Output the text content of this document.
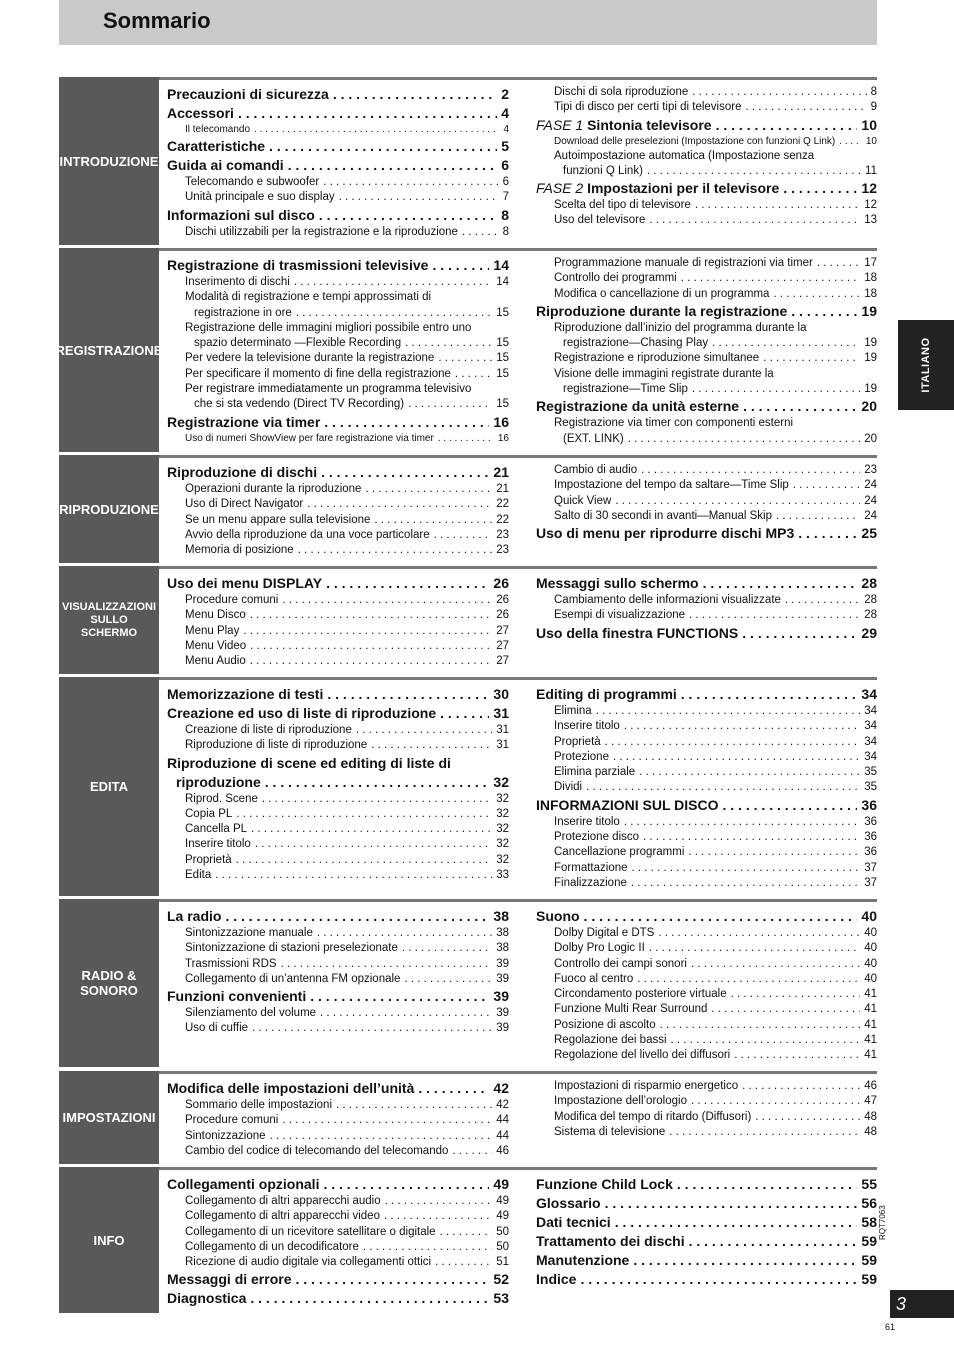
Sommario
ITALIANO
RQT7063
3
61
INTRODUZIONE
Precauzioni di sicurezza . . .	2
Accessori . . .	4
Il telecomando . . .	4
Caratteristiche . . .	5
Guida ai comandi . . .	6
Telecomando e subwoofer . . .	6
Unità principale e suo display . . .	7
Informazioni sul disco . . .	8
Dischi utilizzabili per la registrazione e la riproduzione . . .	8
Dischi di sola riproduzione . . .	8
Tipi di disco per certi tipi di televisore . . .	9
FASE 1 Sintonia televisore . . .	10
Download delle preselezioni (Impostazione con funzioni Q Link) . . .	10
Autoimpostazione automatica (Impostazione senza
funzioni Q Link) . . .	11
FASE 2 Impostazioni per il televisore . . .	12
Scelta del tipo di televisore . . .	12
Uso del televisore . . .	13
REGISTRAZIONE
Registrazione di trasmissioni televisive . . .	14
Inserimento di dischi . . .	14
Modalità di registrazione e tempi approssimati di
registrazione in ore . . .	15
Registrazione delle immagini migliori possibile entro uno
spazio determinato —Flexible Recording . . .	15
Per vedere la televisione durante la registrazione . . .	15
Per specificare il momento di fine della registrazione . . .	15
Per registrare immediatamente un programma televisivo
che si sta vedendo (Direct TV Recording) . . .	15
Registrazione via timer . . .	16
Uso di numeri ShowView per fare registrazione via timer . . .	16
Programmazione manuale di registrazioni via timer . . .	17
Controllo dei programmi . . .	18
Modifica o cancellazione di un programma . . .	18
Riproduzione durante la registrazione . . .	19
Riproduzione dall’inizio del programma durante la
registrazione—Chasing Play . . .	19
Registrazione e riproduzione simultanee . . .	19
Visione delle immagini registrate durante la
registrazione—Time Slip . . .	19
Registrazione da unità esterne . . .	20
Registrazione via timer con componenti esterni
(EXT. LINK) . . .	20
RIPRODUZIONE
Riproduzione di dischi . . .	21
Operazioni durante la riproduzione . . .	21
Uso di Direct Navigator . . .	22
Se un menu appare sulla televisione . . .	22
Avvio della riproduzione da una voce particolare . . .	23
Memoria di posizione . . .	23
Cambio di audio . . .	23
Impostazione del tempo da saltare—Time Slip . . .	24
Quick View . . .	24
Salto di 30 secondi in avanti—Manual Skip . . .	24
Uso di menu per riprodurre dischi MP3 . . .	25
VISUALIZZAZIONI SULLO SCHERMO
Uso dei menu DISPLAY . . .	26
Procedure comuni . . .	26
Menu Disco . . .	26
Menu Play . . .	27
Menu Video . . .	27
Menu Audio . . .	27
Messaggi sullo schermo . . .	28
Cambiamento delle informazioni visualizzate . . .	28
Esempi di visualizzazione . . .	28
Uso della finestra FUNCTIONS . . .	29
EDITA
Memorizzazione di testi . . .	30
Creazione ed uso di liste di riproduzione . . .	31
Creazione di liste di riproduzione . . .	31
Riproduzione di liste di riproduzione . . .	31
Riproduzione di scene ed editing di liste di
riproduzione . . .	32
Riprod. Scene . . .	32
Copia PL . . .	32
Cancella PL . . .	32
Inserire titolo . . .	32
Proprietà . . .	32
Edita . . .	33
Editing di programmi . . .	34
Elimina . . .	34
Inserire titolo . . .	34
Proprietà . . .	34
Protezione . . .	34
Elimina parziale . . .	35
Dividi . . .	35
INFORMAZIONI SUL DISCO . . .	36
Inserire titolo . . .	36
Protezione disco . . .	36
Cancellazione programmi . . .	36
Formattazione . . .	37
Finalizzazione . . .	37
RADIO & SONORO
La radio . . .	38
Sintonizzazione manuale . . .	38
Sintonizzazione di stazioni preselezionate . . .	38
Trasmissioni RDS . . .	39
Collegamento di un’antenna FM opzionale . . .	39
Funzioni convenienti . . .	39
Silenziamento del volume . . .	39
Uso di cuffie . . .	39
Suono . . .	40
Dolby Digital e DTS . . .	40
Dolby Pro Logic II . . .	40
Controllo dei campi sonori . . .	40
Fuoco al centro . . .	40
Circondamento posteriore virtuale . . .	41
Funzione Multi Rear Surround . . .	41
Posizione di ascolto . . .	41
Regolazione dei bassi . . .	41
Regolazione del livello dei diffusori . . .	41
IMPOSTAZIONI
Modifica delle impostazioni dell’unità . . .	42
Sommario delle impostazioni . . .	42
Procedure comuni . . .	44
Sintonizzazione . . .	44
Cambio del codice di telecomando del telecomando . . .	46
Impostazioni di risparmio energetico . . .	46
Impostazione dell’orologio . . .	47
Modifica del tempo di ritardo (Diffusori) . . .	48
Sistema di televisione . . .	48
INFO
Collegamenti opzionali . . .	49
Collegamento di altri apparecchi audio . . .	49
Collegamento di altri apparecchi video . . .	49
Collegamento di un ricevitore satellitare o digitale . . .	50
Collegamento di un decodificatore . . .	50
Ricezione di audio digitale via collegamenti ottici . . .	51
Messaggi di errore . . .	52
Diagnostica . . .	53
Funzione Child Lock . . .	55
Glossario . . .	56
Dati tecnici . . .	58
Trattamento dei dischi . . .	59
Manutenzione . . .	59
Indice . . .	59
